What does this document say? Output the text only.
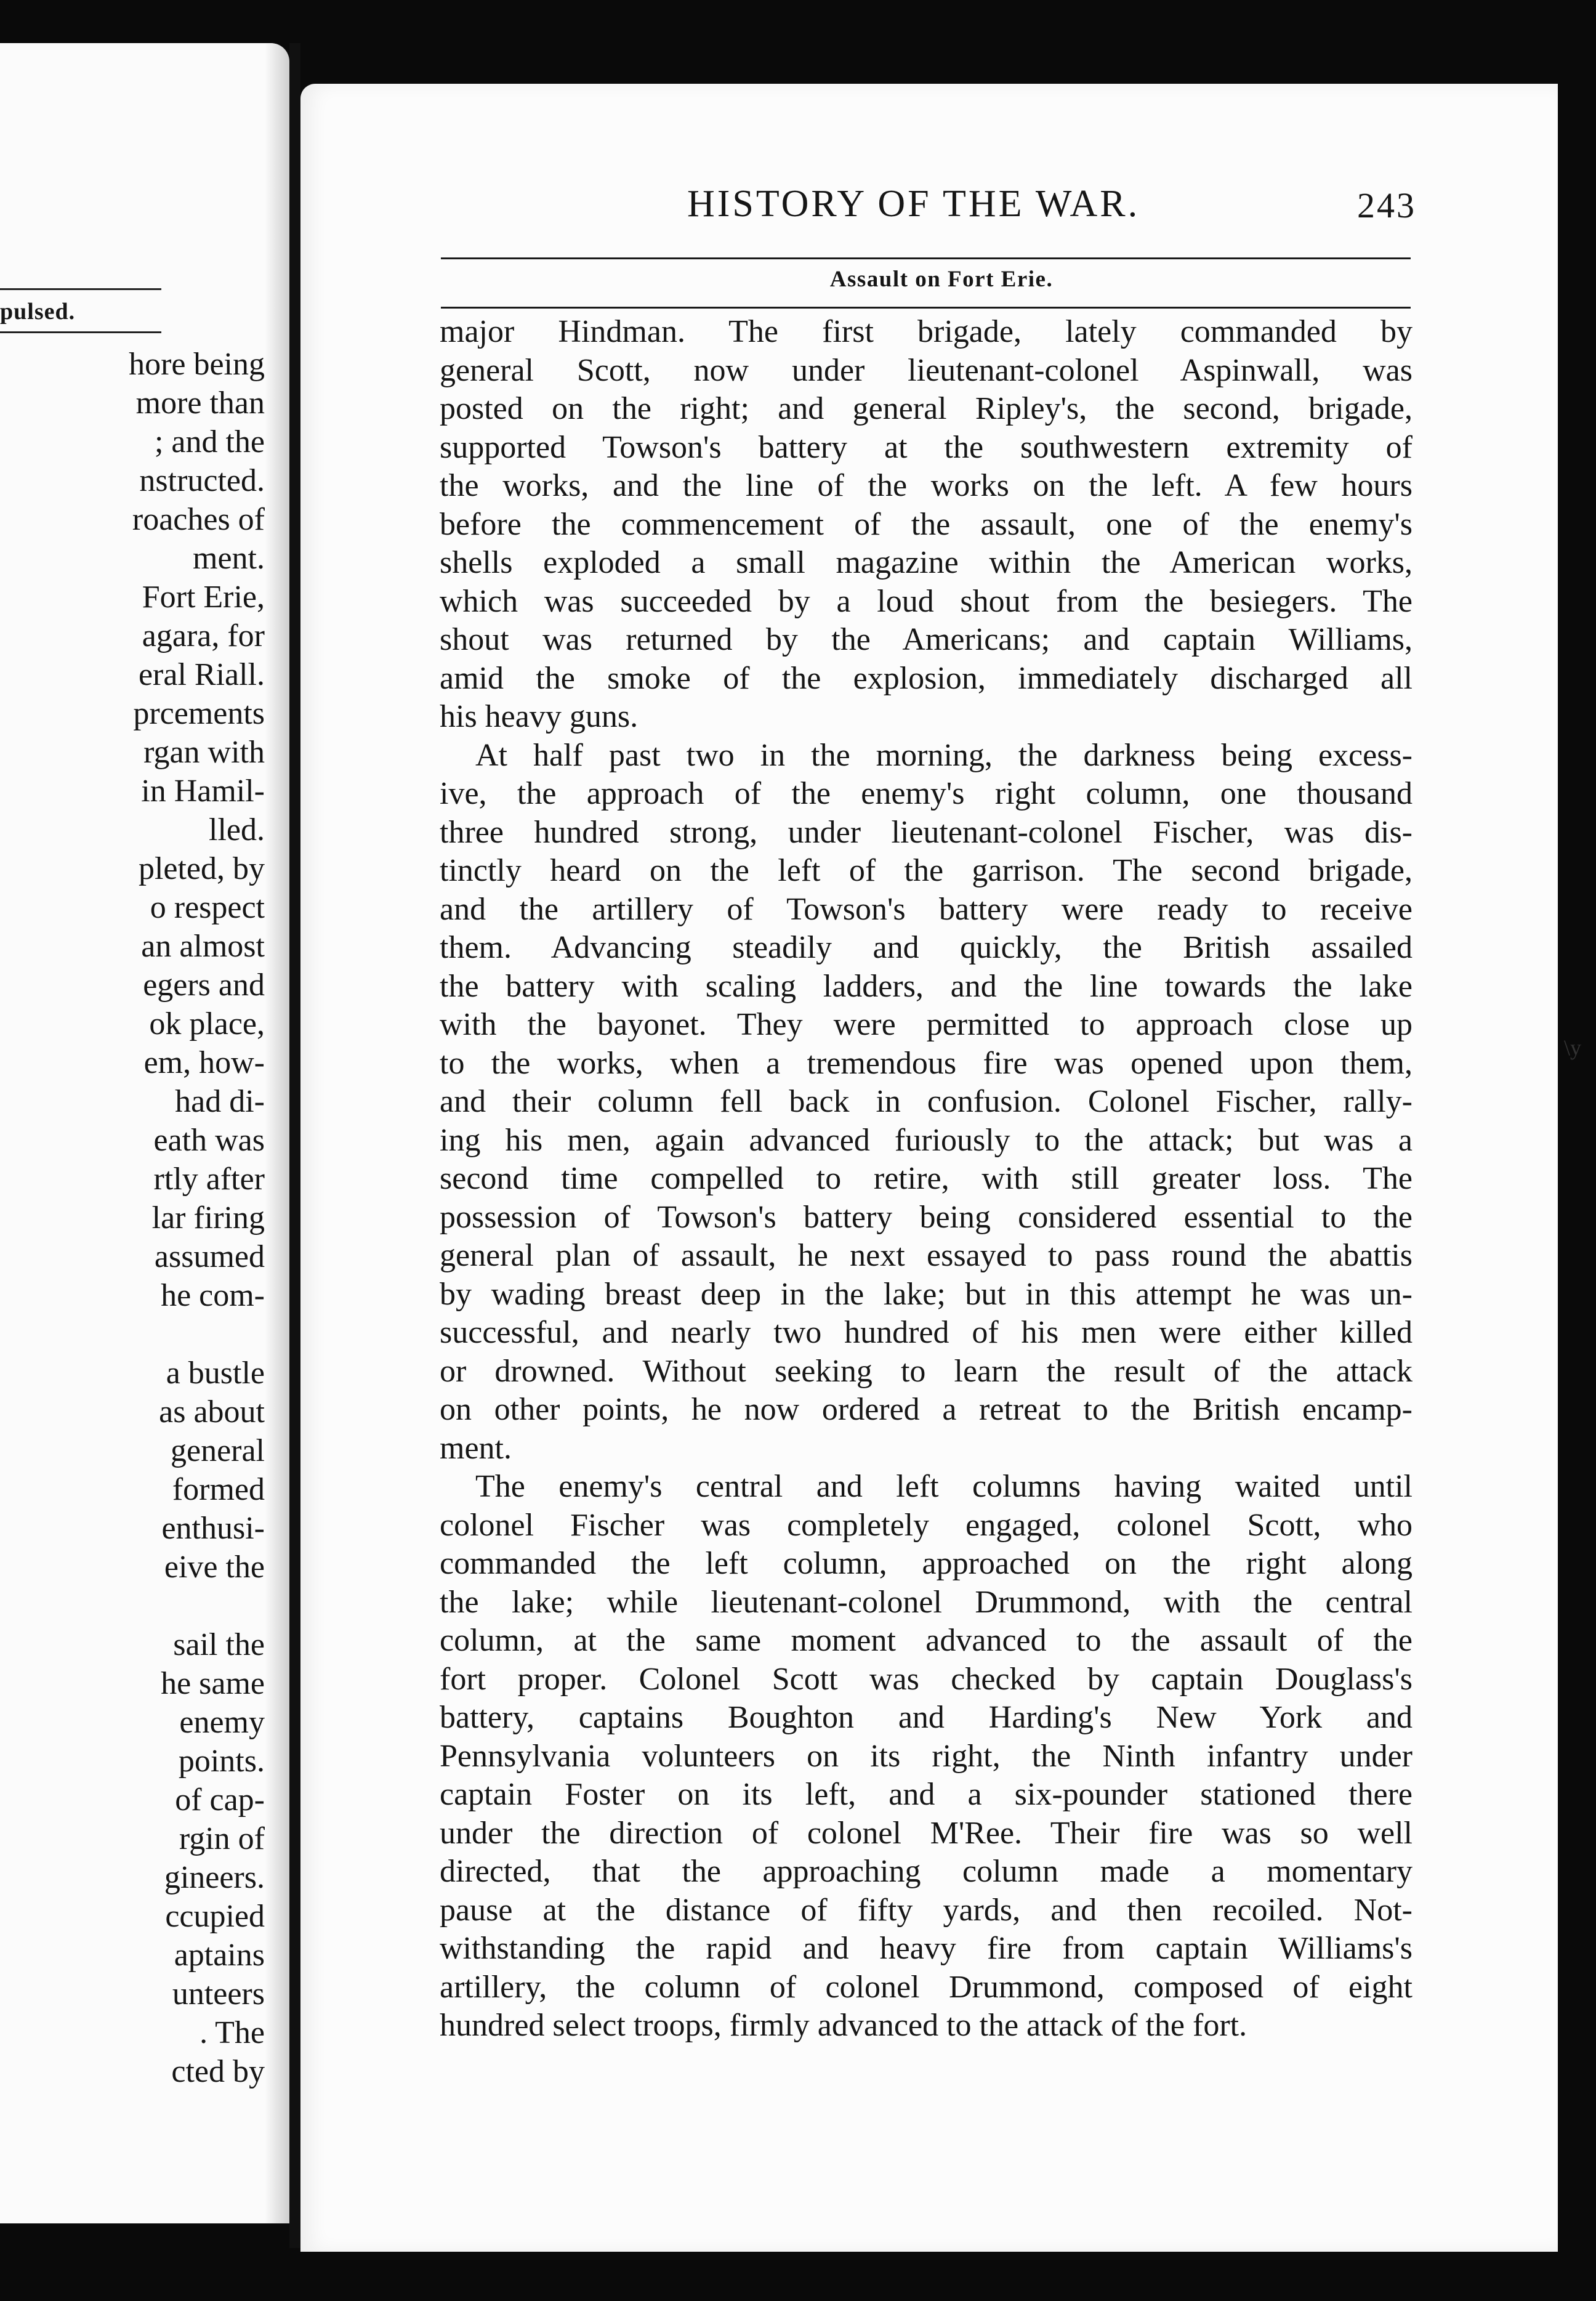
pulsed.
hore being
more than
; and the
nstructed.
roaches of
ment.
Fort Erie,
agara, for
eral Riall.
prcements
rgan with
in Hamil-
lled.
pleted, by
o respect
an almost
egers and
ok place,
em, how-
had di-
eath was
rtly after
lar firing
assumed
he com-

a bustle
as about
general
formed
enthusi-
eive the

sail the
he same
enemy
points.
of cap-
rgin of
gineers.
ccupied
aptains
unteers
. The
cted by
HISTORY OF THE WAR.	243
Assault on Fort Erie.
major Hindman. The first brigade, lately commanded by
general Scott, now under lieutenant-colonel Aspinwall, was
posted on the right; and general Ripley's, the second, brigade,
supported Towson's battery at the southwestern extremity of
the works, and the line of the works on the left. A few hours
before the commencement of the assault, one of the enemy's
shells exploded a small magazine within the American works,
which was succeeded by a loud shout from the besiegers. The
shout was returned by the Americans; and captain Williams,
amid the smoke of the explosion, immediately discharged all
his heavy guns.
At half past two in the morning, the darkness being excess-
ive, the approach of the enemy's right column, one thousand
three hundred strong, under lieutenant-colonel Fischer, was dis-
tinctly heard on the left of the garrison. The second brigade,
and the artillery of Towson's battery were ready to receive
them. Advancing steadily and quickly, the British assailed
the battery with scaling ladders, and the line towards the lake
with the bayonet. They were permitted to approach close up
to the works, when a tremendous fire was opened upon them,
and their column fell back in confusion. Colonel Fischer, rally-
ing his men, again advanced furiously to the attack; but was a
second time compelled to retire, with still greater loss. The
possession of Towson's battery being considered essential to the
general plan of assault, he next essayed to pass round the abattis
by wading breast deep in the lake; but in this attempt he was un-
successful, and nearly two hundred of his men were either killed
or drowned. Without seeking to learn the result of the attack
on other points, he now ordered a retreat to the British encamp-
ment.
The enemy's central and left columns having waited until
colonel Fischer was completely engaged, colonel Scott, who
commanded the left column, approached on the right along
the lake; while lieutenant-colonel Drummond, with the central
column, at the same moment advanced to the assault of the
fort proper. Colonel Scott was checked by captain Douglass's
battery, captains Boughton and Harding's New York and
Pennsylvania volunteers on its right, the Ninth infantry under
captain Foster on its left, and a six-pounder stationed there
under the direction of colonel M'Ree. Their fire was so well
directed, that the approaching column made a momentary
pause at the distance of fifty yards, and then recoiled. Not-
withstanding the rapid and heavy fire from captain Williams's
artillery, the column of colonel Drummond, composed of eight
hundred select troops, firmly advanced to the attack of the fort.
\y
